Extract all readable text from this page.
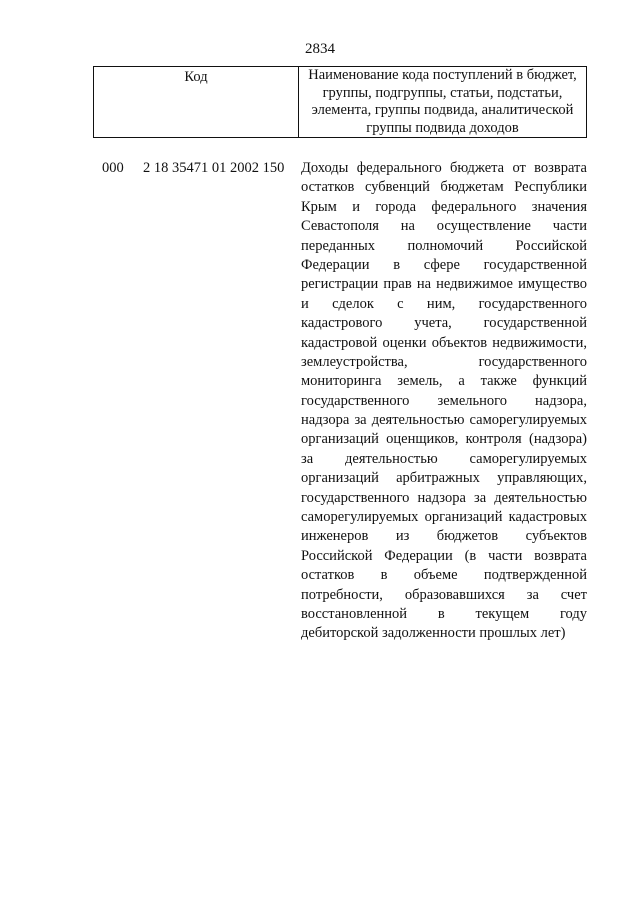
2834
Код	Наименование кода поступлений в бюджет,
группы, подгруппы, статьи, подстатьи,
элемента, группы подвида, аналитической
группы подвида доходов
000 2 18 35471 01 2002 150 Доходы федерального бюджета от возврата
остатков субвенций бюджетам Республики
Крым и города федерального значения
Севастополя на осуществление части
переданных полномочий Российской
Федерации в сфере государственной
регистрации прав на недвижимое имущество
и сделок с ним, государственного
кадастрового учета, государственной
кадастровой оценки объектов недвижимости,
землеустройства, государственного
мониторинга земель, а также функций
государственного земельного надзора,
надзора за деятельностью саморегулируемых
организаций оценщиков, контроля (надзора)
за деятельностью саморегулируемых
организаций арбитражных управляющих,
государственного надзора за деятельностью
саморегулируемых организаций кадастровых
инженеров из бюджетов субъектов
Российской Федерации (в части возврата
остатков в объеме подтвержденной
потребности, образовавшихся за счет
восстановленной в текущем году
дебиторской задолженности прошлых лет)
